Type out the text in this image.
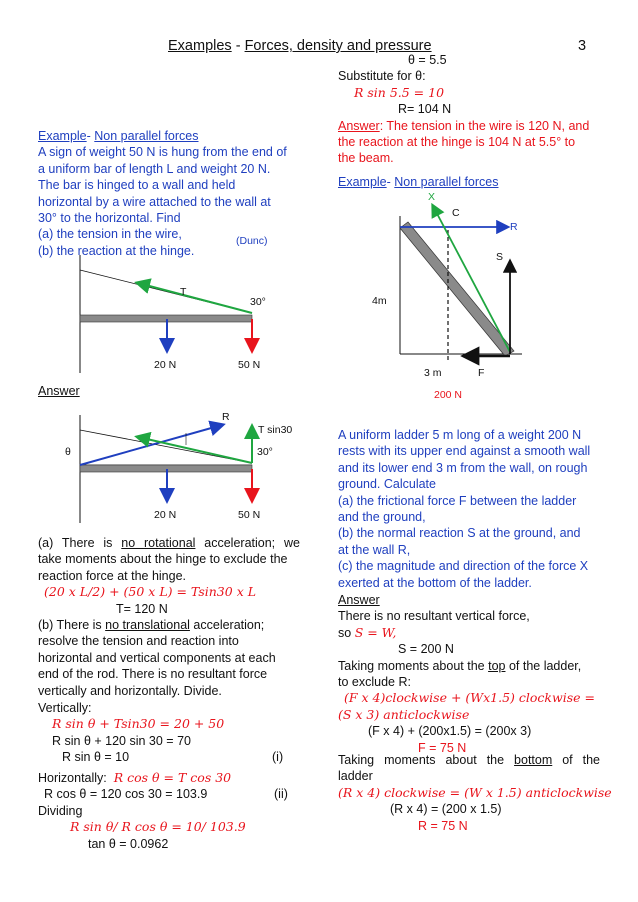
Examples - Forces, density and pressure	3
Example- Non parallel forces
A sign of weight 50 N is hung from the end of
a uniform bar of length L and weight 20 N.
The bar is hinged to a wall and held
horizontal by a wire attached to the wall at
30° to the horizontal. Find
(a) the tension in the wire,
(b) the reaction at the hinge.
(Dunc)
T
30°
20 N	50 N
Answer
R
T sin30
θ	30°
20 N	50 N
(a) There is no rotational acceleration; we
take moments about the hinge to exclude the
reaction force at the hinge.
(20 x L/2) + (50 x L) = Tsin30 x L
T= 120 N
(b) There is no translational acceleration;
resolve the tension and reaction into
horizontal and vertical components at each
end of the rod. There is no resultant force
vertically and horizontally. Divide.
Vertically:
R sin θ + Tsin30 = 20 + 50
R sin θ + 120 sin 30 = 70
R sin θ = 10	(i)
Horizontally: R cos θ = T cos 30
R cos θ = 120 cos 30 = 103.9	(ii)
Dividing
R sin θ/ R cos θ = 10/ 103.9
tan θ = 0.0962
θ = 5.5
Substitute for θ:
R sin 5.5 = 10
R= 104 N
Answer: The tension in the wire is 120 N, and
the reaction at the hinge is 104 N at 5.5° to
the beam.
Example- Non parallel forces
X
C
R
S
4m
3 m	F
200 N
A uniform ladder 5 m long of a weight 200 N
rests with its upper end against a smooth wall
and its lower end 3 m from the wall, on rough
ground. Calculate
(a) the frictional force F between the ladder
and the ground,
(b) the normal reaction S at the ground, and
at the wall R,
(c) the magnitude and direction of the force X
exerted at the bottom of the ladder.
Answer
There is no resultant vertical force,
so S = W,
S = 200 N
Taking moments about the top of the ladder,
to exclude R:
(F x 4)clockwise + (Wx1.5) clockwise =
(S x 3) anticlockwise
(F x 4) + (200x1.5) = (200x 3)
F = 75 N
Taking moments about the bottom of the
ladder
(R x 4) clockwise = (W x 1.5) anticlockwise
(R x 4) = (200 x 1.5)
R = 75 N
